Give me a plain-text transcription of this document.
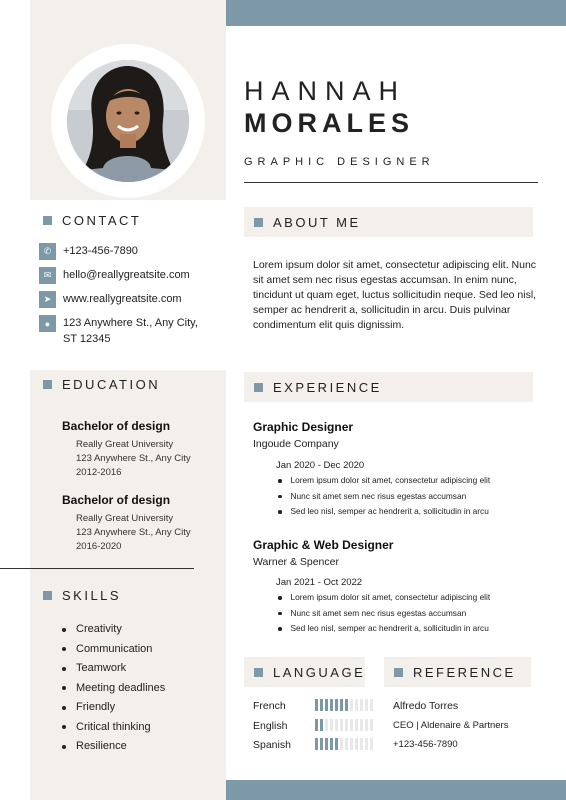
HANNAH
MORALES
GRAPHIC DESIGNER
CONTACT
✆	+123-456-7890
✉	hello@reallygreatsite.com
➤	www.reallygreatsite.com
●	123 Anywhere St., Any City,
ST 12345
ABOUT ME
Lorem ipsum dolor sit amet, consectetur adipiscing elit. Nunc sit amet sem nec risus egestas accumsan. In enim nunc, tincidunt ut quam eget, luctus sollicitudin neque. Sed leo nisl, semper ac hendrerit a, sollicitudin in arcu. Duis pulvinar condimentum elit quis dignissim.
EDUCATION
Bachelor of design
Really Great University
123 Anywhere St., Any City
2012-2016
Bachelor of design
Really Great University
123 Anywhere St., Any City
2016-2020
SKILLS
Creativity
Communication
Teamwork
Meeting deadlines
Friendly
Critical thinking
Resilience
EXPERIENCE
Graphic Designer
Ingoude Company
Jan 2020 - Dec 2020
Lorem ipsum dolor sit amet, consectetur adipiscing elit
Nunc sit amet sem nec risus egestas accumsan
Sed leo nisl, semper ac hendrerit a, sollicitudin in arcu
Graphic & Web Designer
Warner & Spencer
Jan 2021 - Oct 2022
Lorem ipsum dolor sit amet, consectetur adipiscing elit
Nunc sit amet sem nec risus egestas accumsan
Sed leo nisl, semper ac hendrerit a, sollicitudin in arcu
LANGUAGE
French
English
Spanish
REFERENCE
Alfredo Torres
CEO | Aldenaire & Partners
+123-456-7890
